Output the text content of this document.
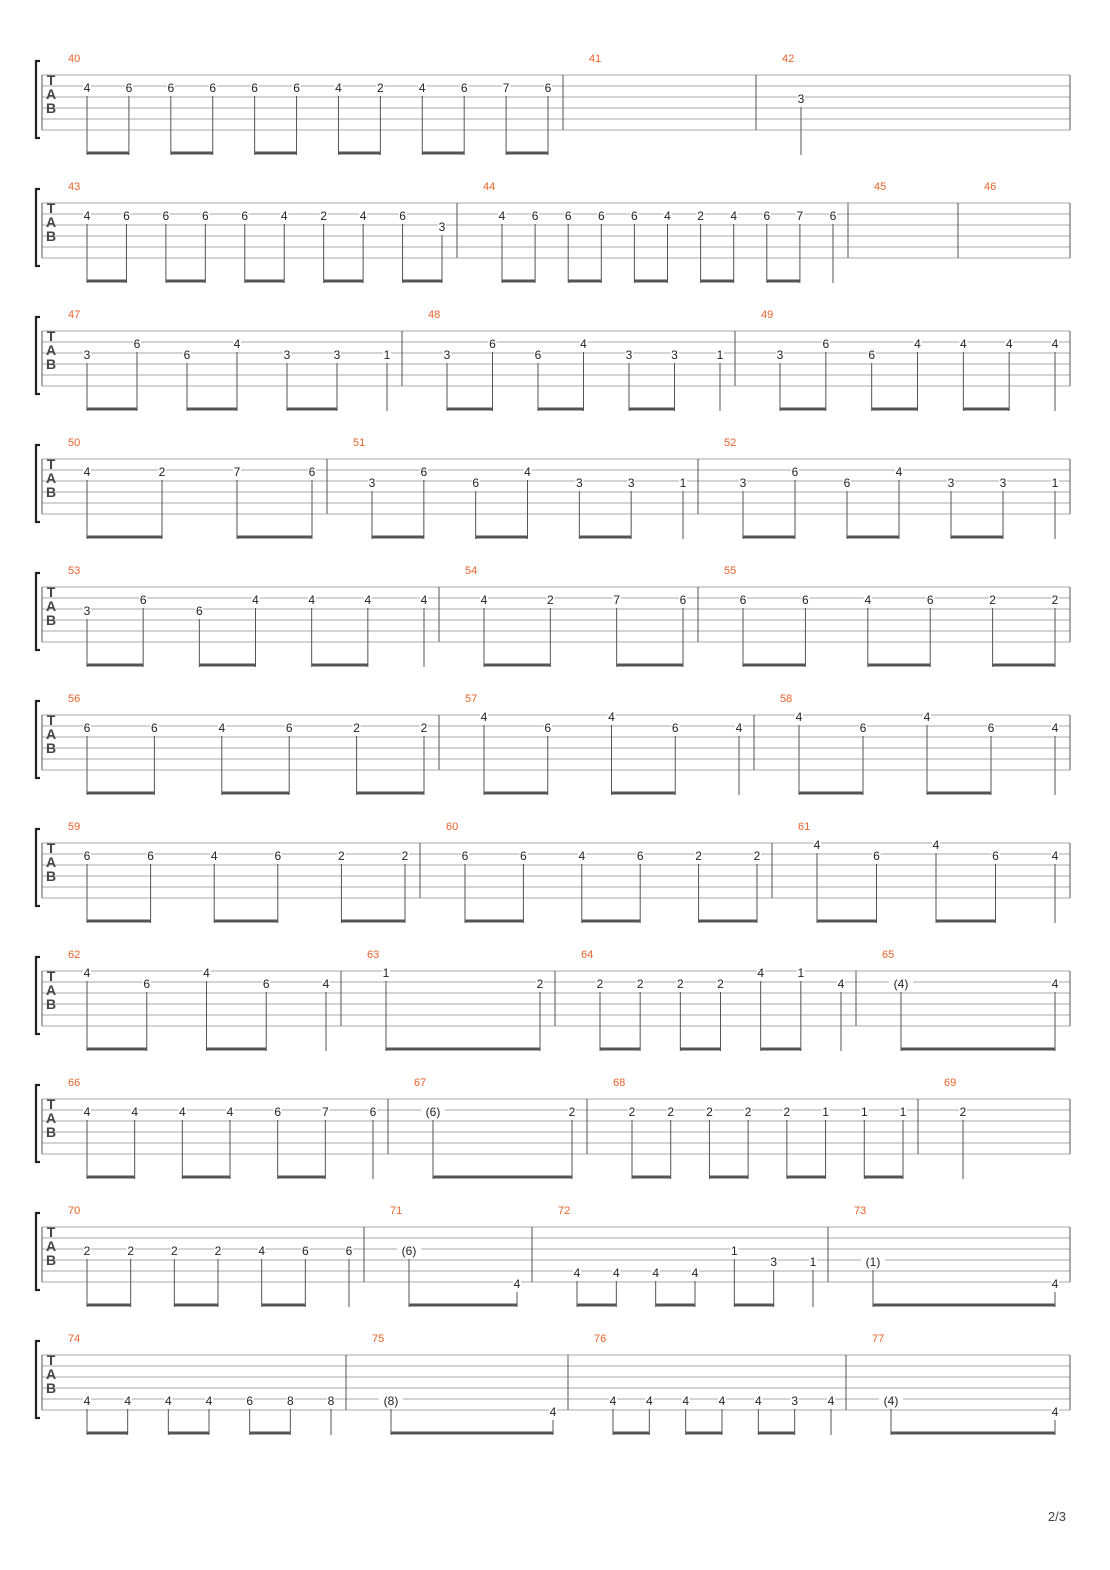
T
A
B
40
4	6	6	6	6	6	4	2	4	6	7	6
41	42
3
T
A
B
43
4	6	6	6	6	4	2	4	6
3
44
4 6 6 6 6 4 2 4 6 7 6
45	46
T
A
B
47
3
6
6
4
3	3	1
48
3
6
6
4
3	3	1
49
3
6
6
4	4	4	4
T
A
B
50
4	2	7	6
51
3
6
6
4
3	3	1
52
3
6
6
4
3	3	1
T
A
B
53
3
6
6
4	4	4	4
54
4	2	7	6
55
6	6	4	6	2	2
T
A
B
56
6	6	4	6	2	2
57
4
6
4
6	4
58
4
6
4
6	4
T
A
B
59
6	6	4	6	2	2
60
6	6	4	6	2	2
61
4
6
4
6	4
T
A
B
62
4
6
4
6	4
63
1
2
64
2	2	2	2
4	1
4
65
(4)	4
T
A
B
66
4	4	4	4	6	7	6
67
(6)	2
68
2	2	2	2	2	1	1	1
69
2
T
A
B
70
2	2	2	2	4	6	6
71
(6)
4
72
4	4	4	4
1
3	1
73
(1)
4
T
A
B
74
4	4	4	4	6	8	8
75
(8)
4
76
4 4 4 4 4 3 4
77
(4)
4
2/3
